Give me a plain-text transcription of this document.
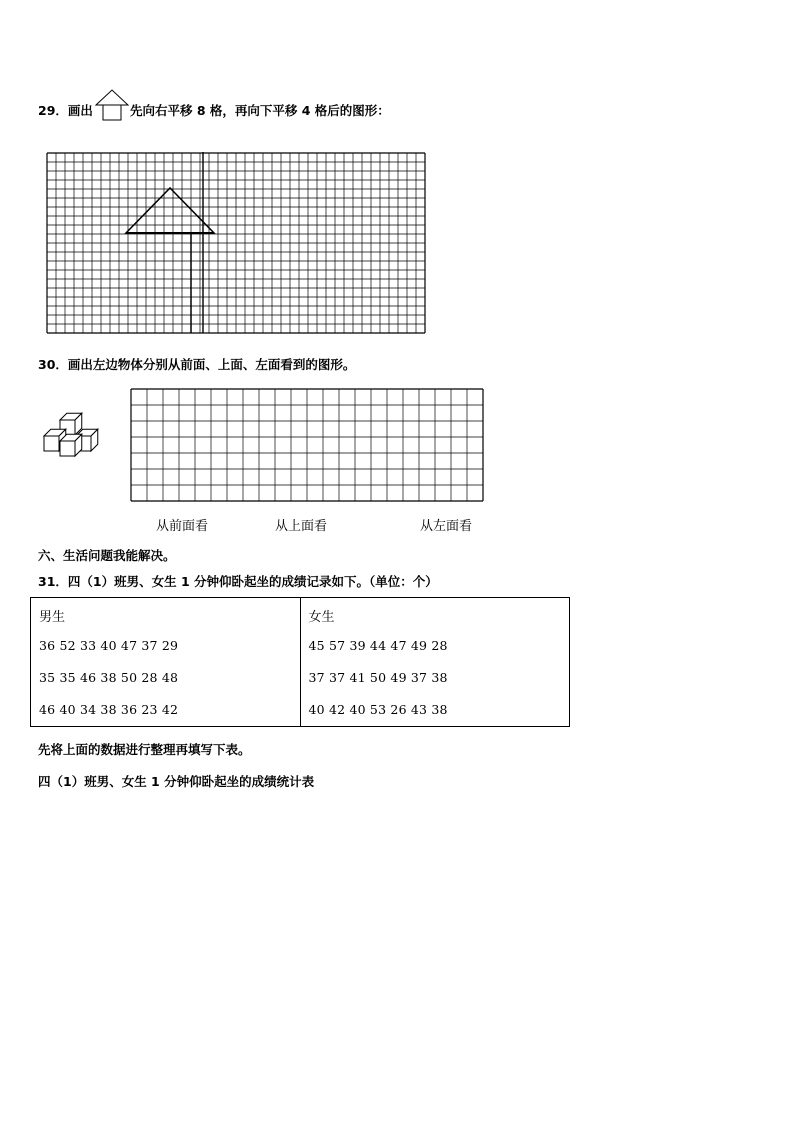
29．画出	先向右平移 8 格，再向下平移 4 格后的图形：
30．画出左边物体分别从前面、上面、左面看到的图形。
从前面看	从上面看	从左面看
六、生活问题我能解决。
31．四（1）班男、女生 1 分钟仰卧起坐的成绩记录如下。（单位：个）
男生
36 52 33 40 47 37 29
35 35 46 38 50 28 48
46 40 34 38 36 23 42

女生
45 57 39 44 47 49 28
37 37 41 50 49 37 38
40 42 40 53 26 43 38
先将上面的数据进行整理再填写下表。
四（1）班男、女生 1 分钟仰卧起坐的成绩统计表
